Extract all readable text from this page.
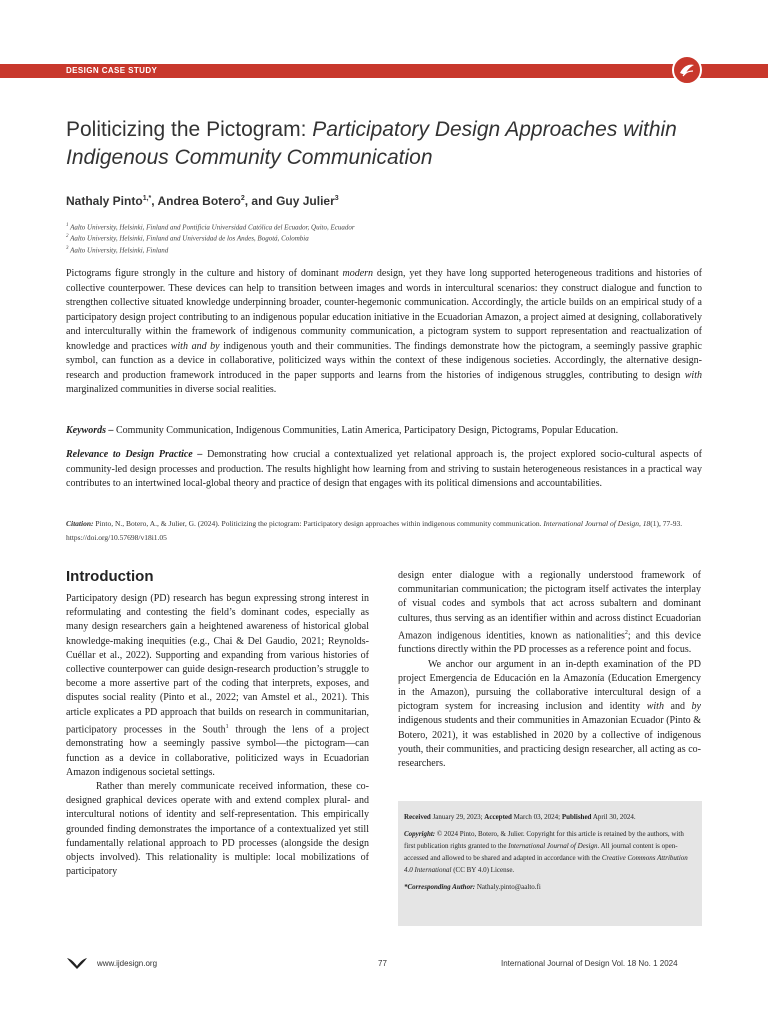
DESIGN CASE STUDY
Politicizing the Pictogram: Participatory Design Approaches within Indigenous Community Communication
Nathaly Pinto$^{1,*}$, Andrea Botero$^2$, and Guy Julier$^3$
$^1$ Aalto University, Helsinki, Finland and Pontificia Universidad Católica del Ecuador, Quito, Ecuador
$^2$ Aalto University, Helsinki, Finland and Universidad de los Andes, Bogotá, Colombia
$^3$ Aalto University, Helsinki, Finland

Pictograms figure strongly in the culture and history of dominant modern design, yet they have long supported heterogeneous traditions and histories of collective counterpower. These devices can help to transition between images and words in intercultural scenarios: they construct dialogue and function to strengthen collective situated knowledge underpinning broader, counter-hegemonic communication. Accordingly, the article builds on an empirical study of a participatory design project contributing to an indigenous popular education initiative in the Ecuadorian Amazon, a project aimed at designing, collaboratively and interculturally within the framework of indigenous community communication, a pictogram system to support representation and reactualization of knowledge and practices with and by indigenous youth and their communities. The findings demonstrate how the pictogram, a seemingly passive graphic symbol, can function as a device in collaborative, politicized ways within the context of these indigenous societies. Accordingly, the alternative design-research and production framework introduced in the paper supports and learns from the histories of indigenous struggles, contributing to design with marginalized communities in diverse social realities.

Keywords – Community Communication, Indigenous Communities, Latin America, Participatory Design, Pictograms, Popular Education.

Relevance to Design Practice – Demonstrating how crucial a contextualized yet relational approach is, the project explored socio-cultural aspects of community-led design processes and production. The results highlight how learning from and striving to sustain heterogeneous resistances in a practical way contributes to an intertwined local-global theory and practice of design that engages with its political dimensions and accountabilities.

Citation: Pinto, N., Botero, A., & Julier, G. (2024). Politicizing the pictogram: Participatory design approaches within indigenous community communication. International Journal of Design, 18(1), 77-93. https://doi.org/10.57698/v18i1.05

Introduction

Participatory design (PD) research has begun expressing strong interest in reformulating and contesting the field’s dominant codes, especially as many design researchers gain a heightened awareness of historical global knowledge-making inequities (e.g., Chai & Del Gaudio, 2021; Reynolds-Cuéllar et al., 2022). Supporting and expanding from various histories of collective counterpower can guide design-research production’s struggle to become a more assertive part of the coding that interprets, exposes, and disputes social reality (Pinto et al., 2022; van Amstel et al., 2021). This article explicates a PD approach that builds on research in communitarian, participatory processes in the South$^1$ through the lens of a project demonstrating how a seemingly passive symbol—the pictogram—can function as a device in collaborative, politicized ways in Ecuadorian Amazon indigenous societal settings.

Rather than merely communicate received information, these co-designed graphical devices operate with and extend complex plural- and intercultural notions of identity and self-representation. This empirically grounded finding demonstrates the importance of a contextualized yet still fundamentally relational approach to PD processes (alongside the design objects involved). This relationality is multiple: local mobilizations of participatory

design enter dialogue with a regionally understood framework of communitarian communication; the pictogram itself activates the interplay of visual codes and symbols that act across subaltern and dominant cultures, thus serving as an identifier within and across distinct Ecuadorian Amazon indigenous identities, known as nationalities$^2$; and this device functions directly within the PD processes as a reference point and focus.

We anchor our argument in an in-depth examination of the PD project Emergencia de Educación en la Amazonía (Education Emergency in the Amazon), pursuing the collaborative intercultural design of a pictogram system for increasing inclusion and identity with and by indigenous students and their communities in Amazonian Ecuador (Pinto & Botero, 2021), it was established in 2020 by a collective of indigenous youth, their communities, and practicing design researcher, all acting as co-researchers.

Received January 29, 2023; Accepted March 03, 2024; Published April 30, 2024.

Copyright: © 2024 Pinto, Botero, & Julier. Copyright for this article is retained by the authors, with first publication rights granted to the International Journal of Design. All journal content is open-accessed and allowed to be shared and adapted in accordance with the Creative Commons Attribution 4.0 International (CC BY 4.0) License.

*Corresponding Author: Nathaly.pinto@aalto.fi

www.ijdesign.org	77	International Journal of Design Vol. 18 No. 1 2024
